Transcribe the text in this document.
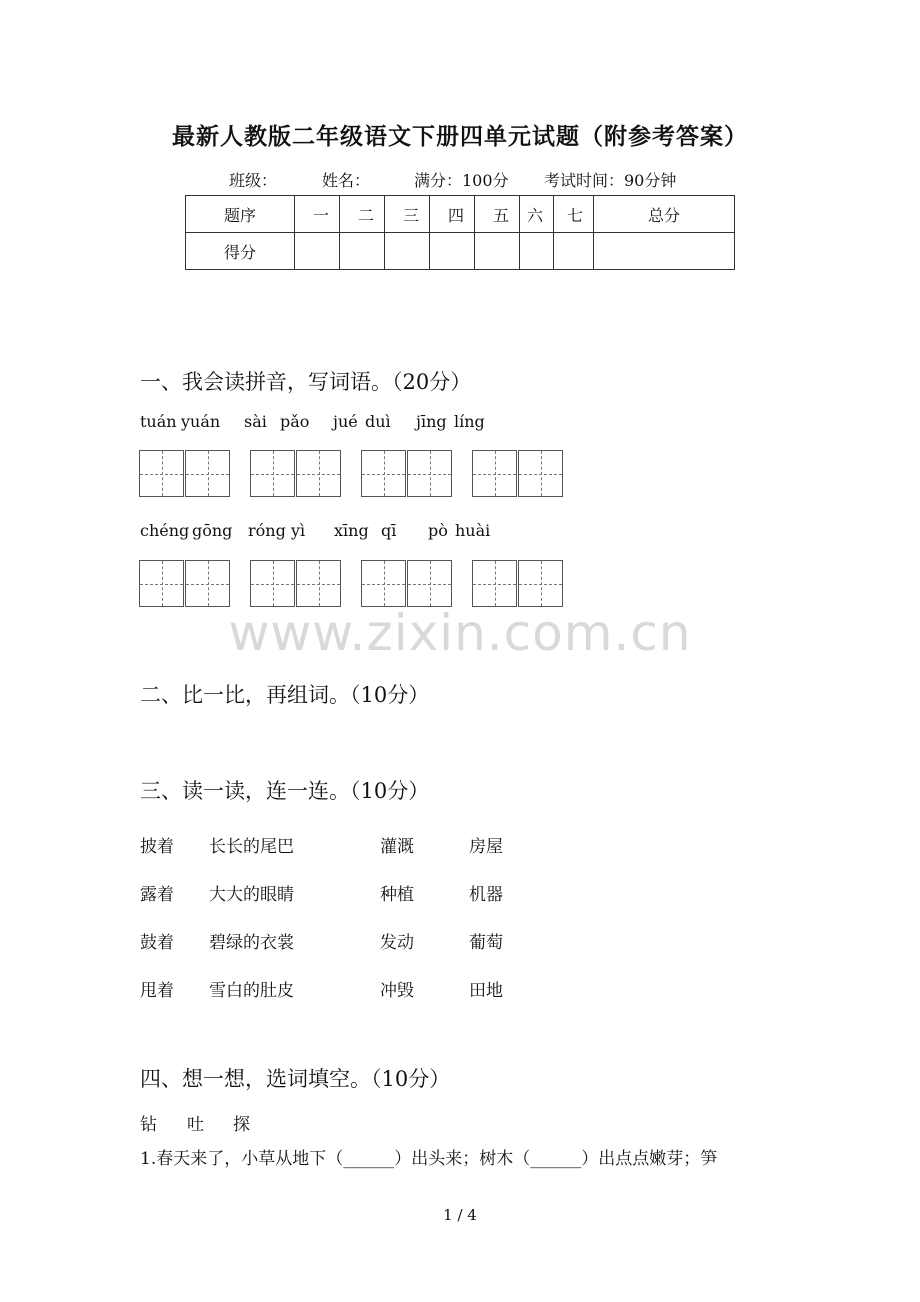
最新人教版二年级语文下册四单元试题（附参考答案）
班级：	姓名：	满分：100分 考试时间：90分钟
题序	一	二	三	四	五	六	七	总分
得分								
一、我会读拼音，写词语。（20分）
tuán yuán sài pǎo jué duì jīng líng
chéng gōng róng yì xīng qī pò huài
www.zixin.com.cn
二、比一比，再组词。（10分）
三、读一读，连一连。（10分）
披着 长长的尾巴	灌溉	房屋
露着 大大的眼睛	种植	机器
鼓着 碧绿的衣裳	发动	葡萄
甩着 雪白的肚皮	冲毁	田地
四、想一想，选词填空。（10分）
钻 吐 探
1.春天来了，小草从地下（______）出头来；树木（______）出点点嫩芽；笋
1 / 4
